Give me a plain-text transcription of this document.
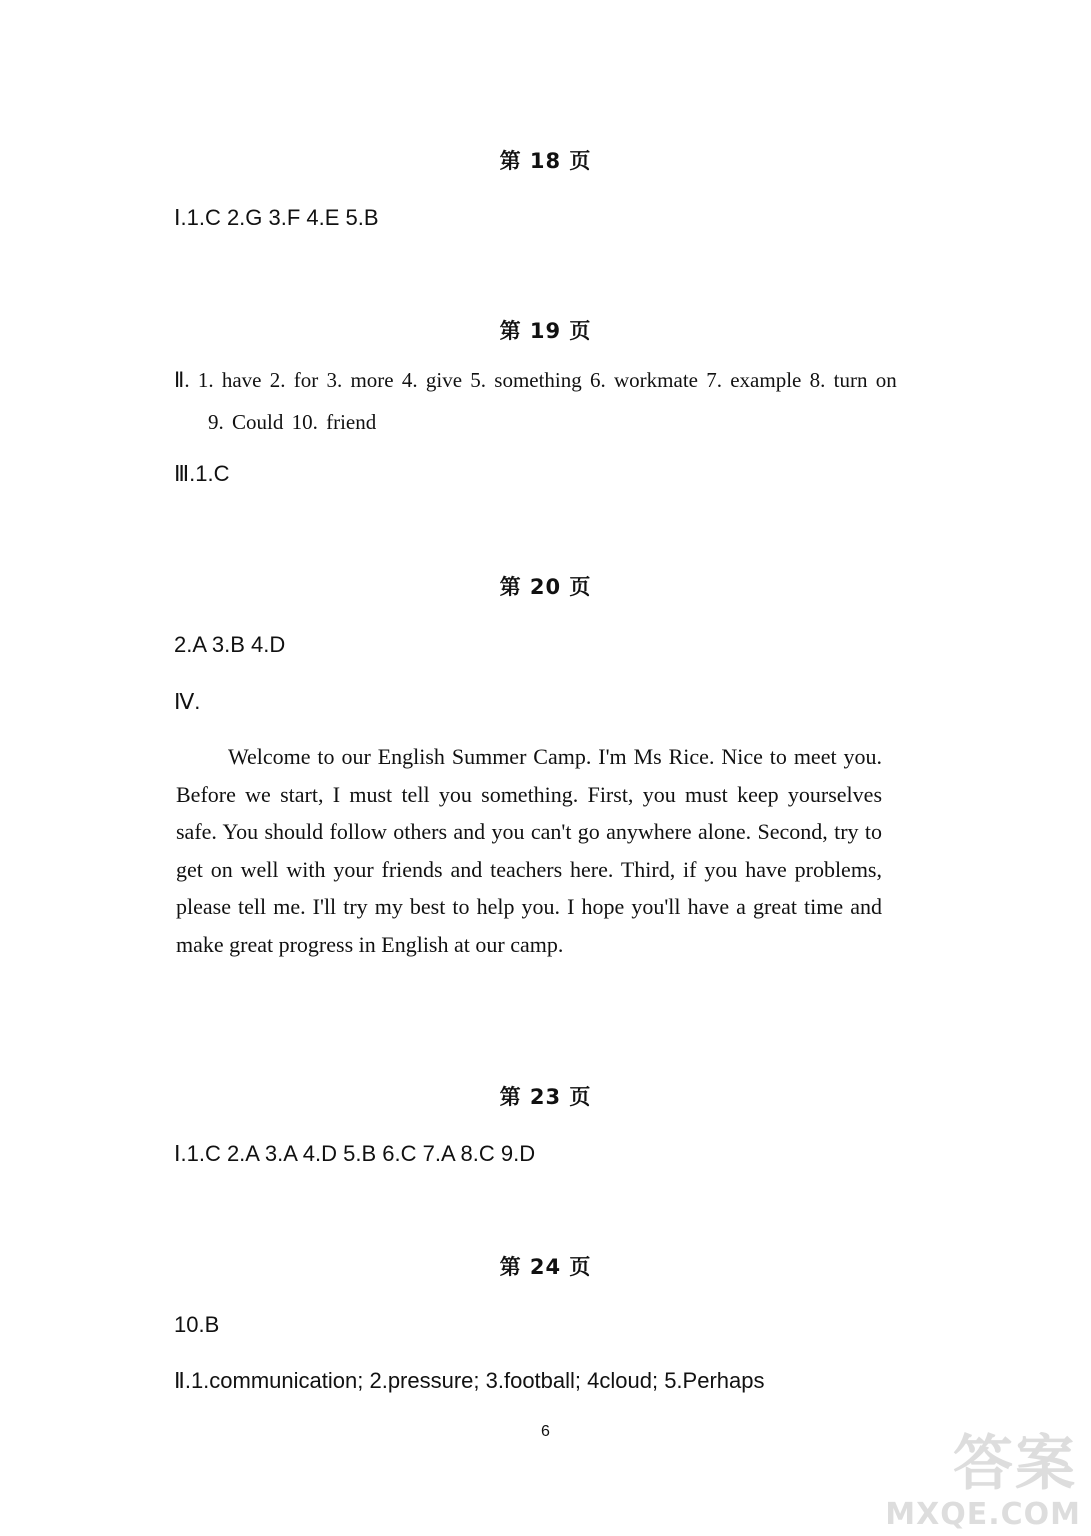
第 18 页
Ⅰ.1.C 2.G 3.F 4.E 5.B
第 19 页
Ⅱ. 1. have 2. for 3. more 4. give 5. something 6. workmate 7. example 8. turn on
9. Could 10. friend
Ⅲ.1.C
第 20 页
2.A 3.B 4.D
Ⅳ.
Welcome to our English Summer Camp. I'm Ms Rice. Nice to meet you. Before we start, I must tell you something. First, you must keep yourselves safe. You should follow others and you can't go anywhere alone. Second, try to get on well with your friends and teachers here. Third, if you have problems, please tell me. I'll try my best to help you. I hope you'll have a great time and make great progress in English at our camp.
第 23 页
Ⅰ.1.C 2.A 3.A 4.D 5.B 6.C 7.A 8.C 9.D
第 24 页
10.B
Ⅱ.1.communication; 2.pressure; 3.football; 4cloud; 5.Perhaps
6	答案
MXQE.COM
